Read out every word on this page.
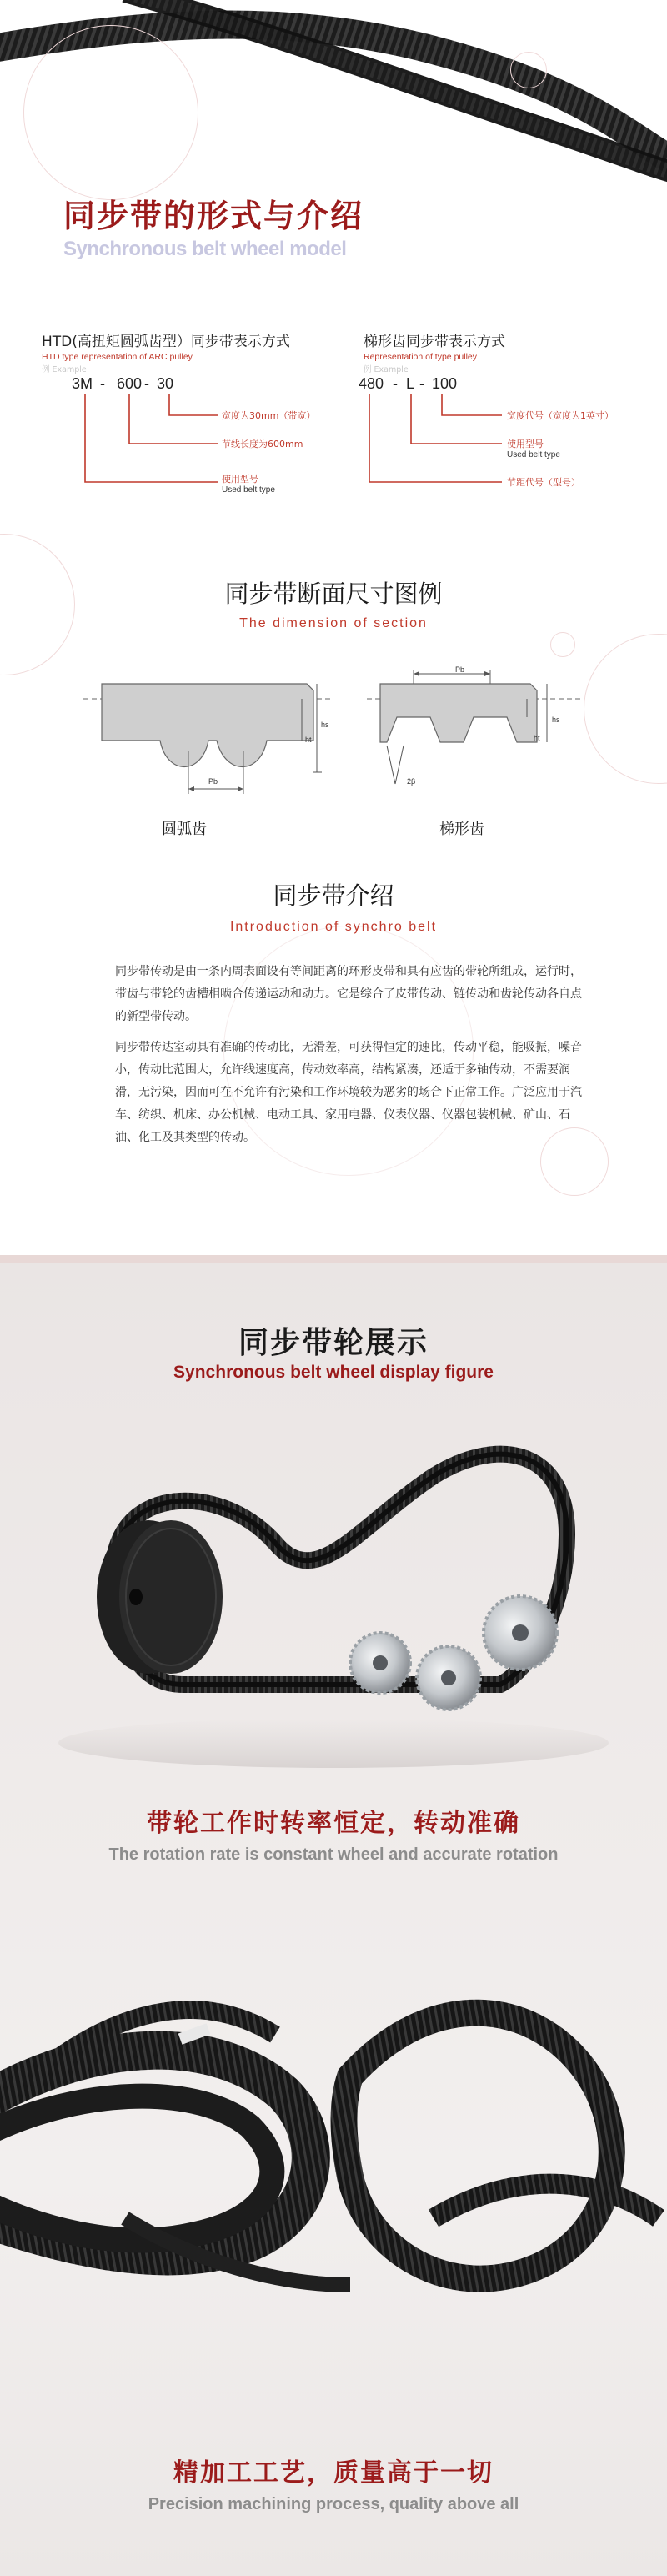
同步带的形式与介绍
Synchronous belt wheel model
HTD(高扭矩圆弧齿型）同步带表示方式
HTD type representation of ARC pulley
例 Example
3M - 600 - 30
宽度为30mm（带宽）
节线长度为600mm
使用型号
Used belt type
梯形齿同步带表示方式
Representation of type pulley
例 Example
480 - L - 100
宽度代号（宽度为1英寸）
使用型号
Used belt type
节距代号（型号）
同步带断面尺寸图例
The dimension of section
Pb
hs
ht
圆弧齿
Pb
hs
ht
2β
梯形齿
同步带介绍
Introduction of synchro belt

同步带传动是由一条内周表面设有等间距离的环形皮带和具有应齿的带轮所组成，运行时，带齿与带轮的齿槽相啮合传递运动和动力。它是综合了皮带传动、链传动和齿轮传动各自点的新型带传动。

同步带传达室动具有准确的传动比，无滑差，可获得恒定的速比，传动平稳，能吸振，噪音小，传动比范围大，允许线速度高，传动效率高，结构紧凑，还适于多轴传动，不需要润滑，无污染，因而可在不允许有污染和工作环境较为恶劣的场合下正常工作。广泛应用于汽车、纺织、机床、办公机械、电动工具、家用电器、仪表仪器、仪器包装机械、矿山、石油、化工及其类型的传动。

同步带轮展示
Synchronous belt wheel display figure
带轮工作时转率恒定，转动准确
The rotation rate is constant wheel and accurate rotation
精加工工艺，质量高于一切
Precision machining process, quality above all
